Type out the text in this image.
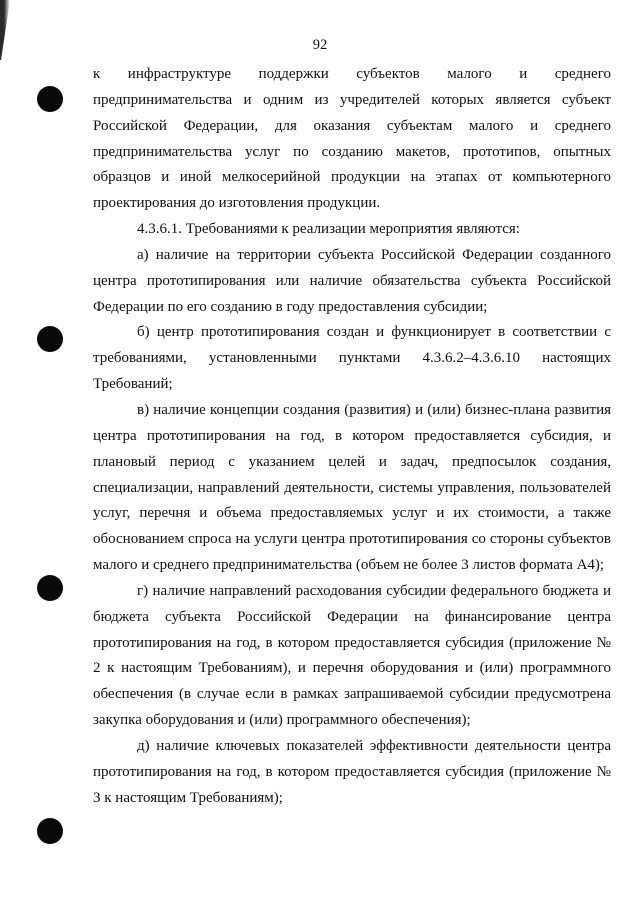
92

к инфраструктуре поддержки субъектов малого и среднего предпринимательства и одним из учредителей которых является субъект Российской Федерации, для оказания субъектам малого и среднего предпринимательства услуг по созданию макетов, прототипов, опытных образцов и иной мелкосерийной продукции на этапах от компьютерного проектирования до изготовления продукции.

4.3.6.1. Требованиями к реализации мероприятия являются:

а) наличие на территории субъекта Российской Федерации созданного центра прототипирования или наличие обязательства субъекта Российской Федерации по его созданию в году предоставления субсидии;

б) центр прототипирования создан и функционирует в соответствии с требованиями, установленными пунктами 4.3.6.2–4.3.6.10 настоящих Требований;

в) наличие концепции создания (развития) и (или) бизнес-плана развития центра прототипирования на год, в котором предоставляется субсидия, и плановый период с указанием целей и задач, предпосылок создания, специализации, направлений деятельности, системы управления, пользователей услуг, перечня и объема предоставляемых услуг и их стоимости, а также обоснованием спроса на услуги центра прототипирования со стороны субъектов малого и среднего предпринимательства (объем не более 3 листов формата А4);

г) наличие направлений расходования субсидии федерального бюджета и бюджета субъекта Российской Федерации на финансирование центра прототипирования на год, в котором предоставляется субсидия (приложение № 2 к настоящим Требованиям), и перечня оборудования и (или) программного обеспечения (в случае если в рамках запрашиваемой субсидии предусмотрена закупка оборудования и (или) программного обеспечения);

д) наличие ключевых показателей эффективности деятельности центра прототипирования на год, в котором предоставляется субсидия (приложение № 3 к настоящим Требованиям);
